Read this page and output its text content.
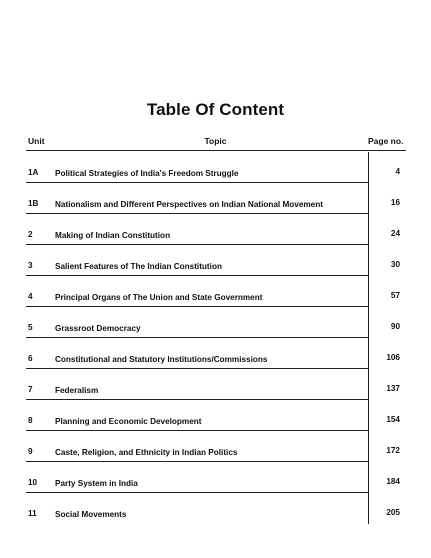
Table Of Content
Unit	Topic	Page no.
1A Political Strategies of India's Freedom Struggle	4
1B Nationalism and Different Perspectives on Indian National Movement	16
2	Making of Indian Constitution	24
3	Salient Features of The Indian Constitution	30
4	Principal Organs of The Union and State Government	57
5	Grassroot Democracy	90
6	Constitutional and Statutory Institutions/Commissions	106
7	Federalism	137
8	Planning and Economic Development	154
9	Caste, Religion, and Ethnicity in Indian Politics	172
10 Party System in India	184
11 Social Movements	205
